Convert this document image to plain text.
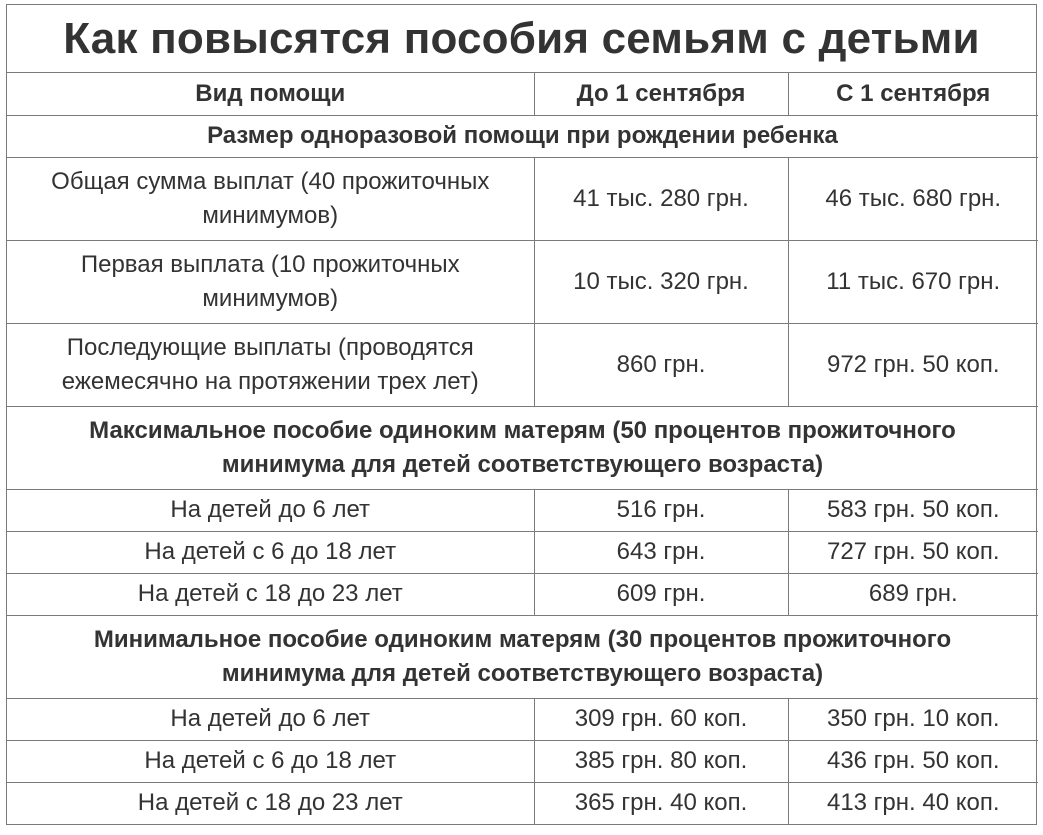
Как повысятся пособия семьям с детьми
Вид помощи	До 1 сентября	С 1 сентября
Размер одноразовой помощи при рождении ребенка		
Общая сумма выплат (40 прожиточных
минимумов)	41 тыс. 280 грн.	46 тыс. 680 грн.
Первая выплата (10 прожиточных
минимумов)	10 тыс. 320 грн.	11 тыс. 670 грн.
Последующие выплаты (проводятся
ежемесячно на протяжении трех лет)	860 грн.	972 грн. 50 коп.
Максимальное пособие одиноким матерям (50 процентов прожиточного
минимума для детей соответствующего возраста)		
На детей до 6 лет	516 грн.	583 грн. 50 коп.
На детей с 6 до 18 лет	643 грн.	727 грн. 50 коп.
На детей с 18 до 23 лет	609 грн.	689 грн.
Минимальное пособие одиноким матерям (30 процентов прожиточного
минимума для детей соответствующего возраста)		
На детей до 6 лет	309 грн. 60 коп.	350 грн. 10 коп.
На детей с 6 до 18 лет	385 грн. 80 коп.	436 грн. 50 коп.
На детей с 18 до 23 лет	365 грн. 40 коп.	413 грн. 40 коп.
